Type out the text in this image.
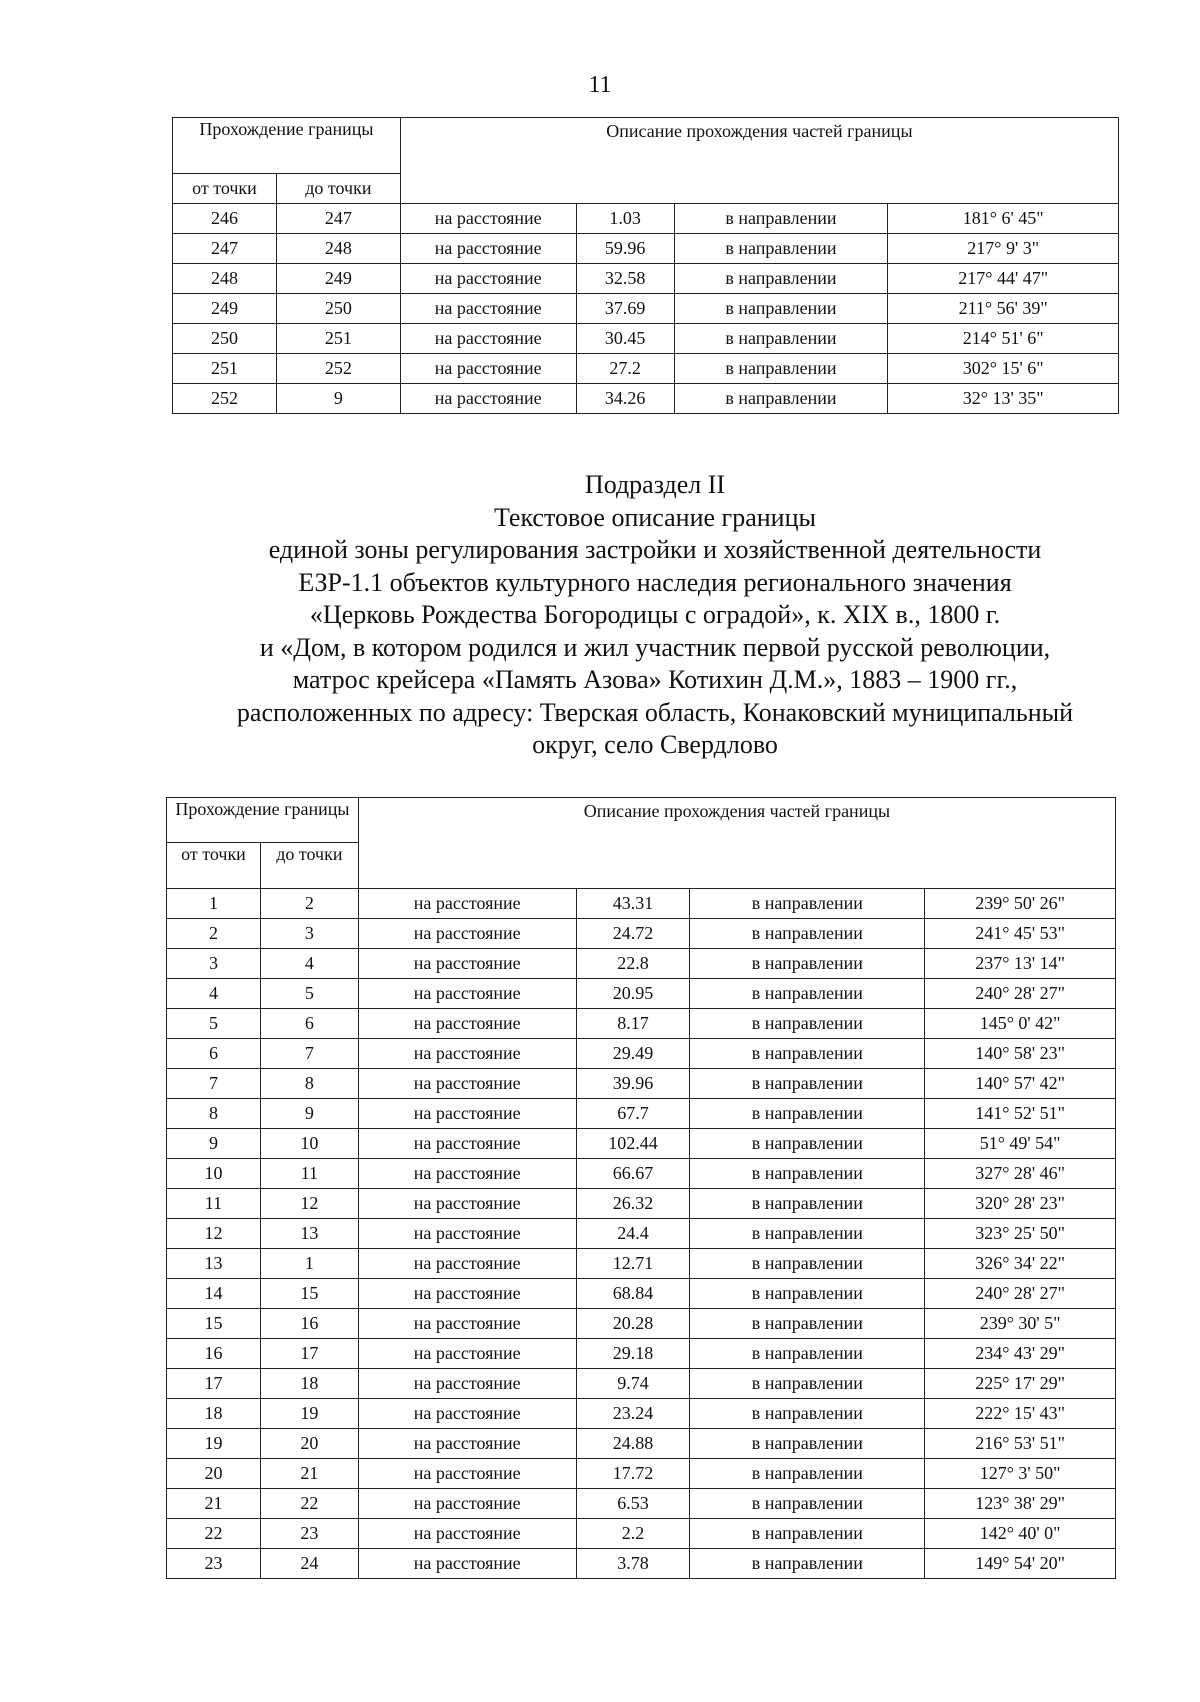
11
Прохождение границы		Описание прохождения частей границы			
от точки	до точки				
246	247	на расстояние	1.03	в направлении	181° 6' 45"
247	248	на расстояние	59.96	в направлении	217° 9' 3"
248	249	на расстояние	32.58	в направлении	217° 44' 47"
249	250	на расстояние	37.69	в направлении	211° 56' 39"
250	251	на расстояние	30.45	в направлении	214° 51' 6"
251	252	на расстояние	27.2	в направлении	302° 15' 6"
252	9	на расстояние	34.26	в направлении	32° 13' 35"
Подраздел II
Текстовое описание границы
единой зоны регулирования застройки и хозяйственной деятельности
ЕЗР-1.1 объектов культурного наследия регионального значения
«Церковь Рождества Богородицы с оградой», к. XIX в., 1800 г.
и «Дом, в котором родился и жил участник первой русской революции,
матрос крейсера «Память Азова» Котихин Д.М.», 1883 – 1900 гг.,
расположенных по адресу: Тверская область, Конаковский муниципальный
округ, село Свердлово
Прохождение границы		Описание прохождения частей границы			
от точки	до точки				
1	2	на расстояние	43.31	в направлении	239° 50' 26"
2	3	на расстояние	24.72	в направлении	241° 45' 53"
3	4	на расстояние	22.8	в направлении	237° 13' 14"
4	5	на расстояние	20.95	в направлении	240° 28' 27"
5	6	на расстояние	8.17	в направлении	145° 0' 42"
6	7	на расстояние	29.49	в направлении	140° 58' 23"
7	8	на расстояние	39.96	в направлении	140° 57' 42"
8	9	на расстояние	67.7	в направлении	141° 52' 51"
9	10	на расстояние	102.44	в направлении	51° 49' 54"
10	11	на расстояние	66.67	в направлении	327° 28' 46"
11	12	на расстояние	26.32	в направлении	320° 28' 23"
12	13	на расстояние	24.4	в направлении	323° 25' 50"
13	1	на расстояние	12.71	в направлении	326° 34' 22"
14	15	на расстояние	68.84	в направлении	240° 28' 27"
15	16	на расстояние	20.28	в направлении	239° 30' 5"
16	17	на расстояние	29.18	в направлении	234° 43' 29"
17	18	на расстояние	9.74	в направлении	225° 17' 29"
18	19	на расстояние	23.24	в направлении	222° 15' 43"
19	20	на расстояние	24.88	в направлении	216° 53' 51"
20	21	на расстояние	17.72	в направлении	127° 3' 50"
21	22	на расстояние	6.53	в направлении	123° 38' 29"
22	23	на расстояние	2.2	в направлении	142° 40' 0"
23	24	на расстояние	3.78	в направлении	149° 54' 20"
